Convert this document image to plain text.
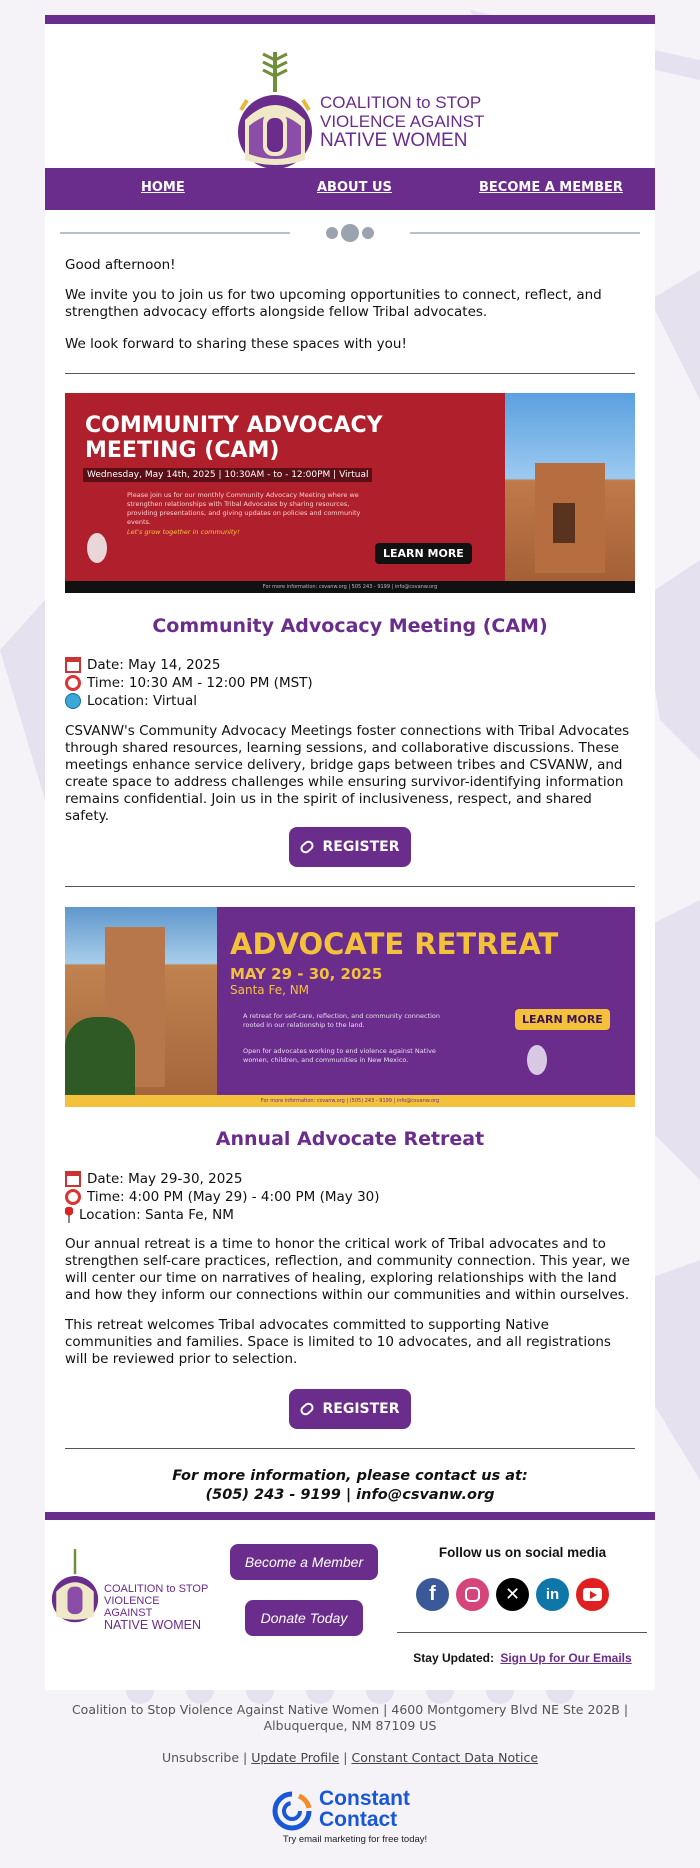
COALITION to STOP
VIOLENCE AGAINST
NATIVE WOMEN
HOME	ABOUT US	BECOME A MEMBER
Good afternoon!
We invite you to join us for two upcoming opportunities to connect, reflect, and strengthen advocacy efforts alongside fellow Tribal advocates.
We look forward to sharing these spaces with you!
COMMUNITY ADVOCACY
MEETING (CAM)
Wednesday, May 14th, 2025 | 10:30AM - to - 12:00PM | Virtual
Please join us for our monthly Community Advocacy Meeting where we strengthen relationships with Tribal Advocates by sharing resources, providing presentations, and giving updates on policies and community events.
Let's grow together in community!
LEARN MORE
For more information: csvanw.org | 505 243 - 9199 | info@csvanw.org
Community Advocacy Meeting (CAM)
Date: May 14, 2025
Time: 10:30 AM - 12:00 PM (MST)
Location: Virtual
CSVANW's Community Advocacy Meetings foster connections with Tribal Advocates through shared resources, learning sessions, and collaborative discussions. These meetings enhance service delivery, bridge gaps between tribes and CSVANW, and create space to address challenges while ensuring survivor-identifying information remains confidential. Join us in the spirit of inclusiveness, respect, and shared safety.
REGISTER
ADVOCATE RETREAT
MAY 29 - 30, 2025
Santa Fe, NM
A retreat for self-care, reflection, and community connection rooted in our relationship to the land.
Open for advocates working to end violence against Native women, children, and communities in New Mexico.
LEARN MORE
For more information: csvanw.org | (505) 243 - 9199 | info@csvanw.org
Annual Advocate Retreat
Date: May 29-30, 2025
Time: 4:00 PM (May 29) - 4:00 PM (May 30)
Location: Santa Fe, NM
Our annual retreat is a time to honor the critical work of Tribal advocates and to strengthen self-care practices, reflection, and community connection. This year, we will center our time on narratives of healing, exploring relationships with the land and how they inform our connections within our communities and within ourselves.
This retreat welcomes Tribal advocates committed to supporting Native communities and families. Space is limited to 10 advocates, and all registrations will be reviewed prior to selection.
REGISTER
For more information, please contact us at:
(505) 243 - 9199 | info@csvanw.org
COALITION to STOP
VIOLENCE AGAINST
NATIVE WOMEN
Become a Member
Donate Today
Follow us on social media
f	✕	in
Stay Updated: Sign Up for Our Emails
Coalition to Stop Violence Against Native Women | 4600 Montgomery Blvd NE Ste 202B | Albuquerque, NM 87109 US
Unsubscribe | Update Profile | Constant Contact Data Notice
Constant
Contact
Try email marketing for free today!
